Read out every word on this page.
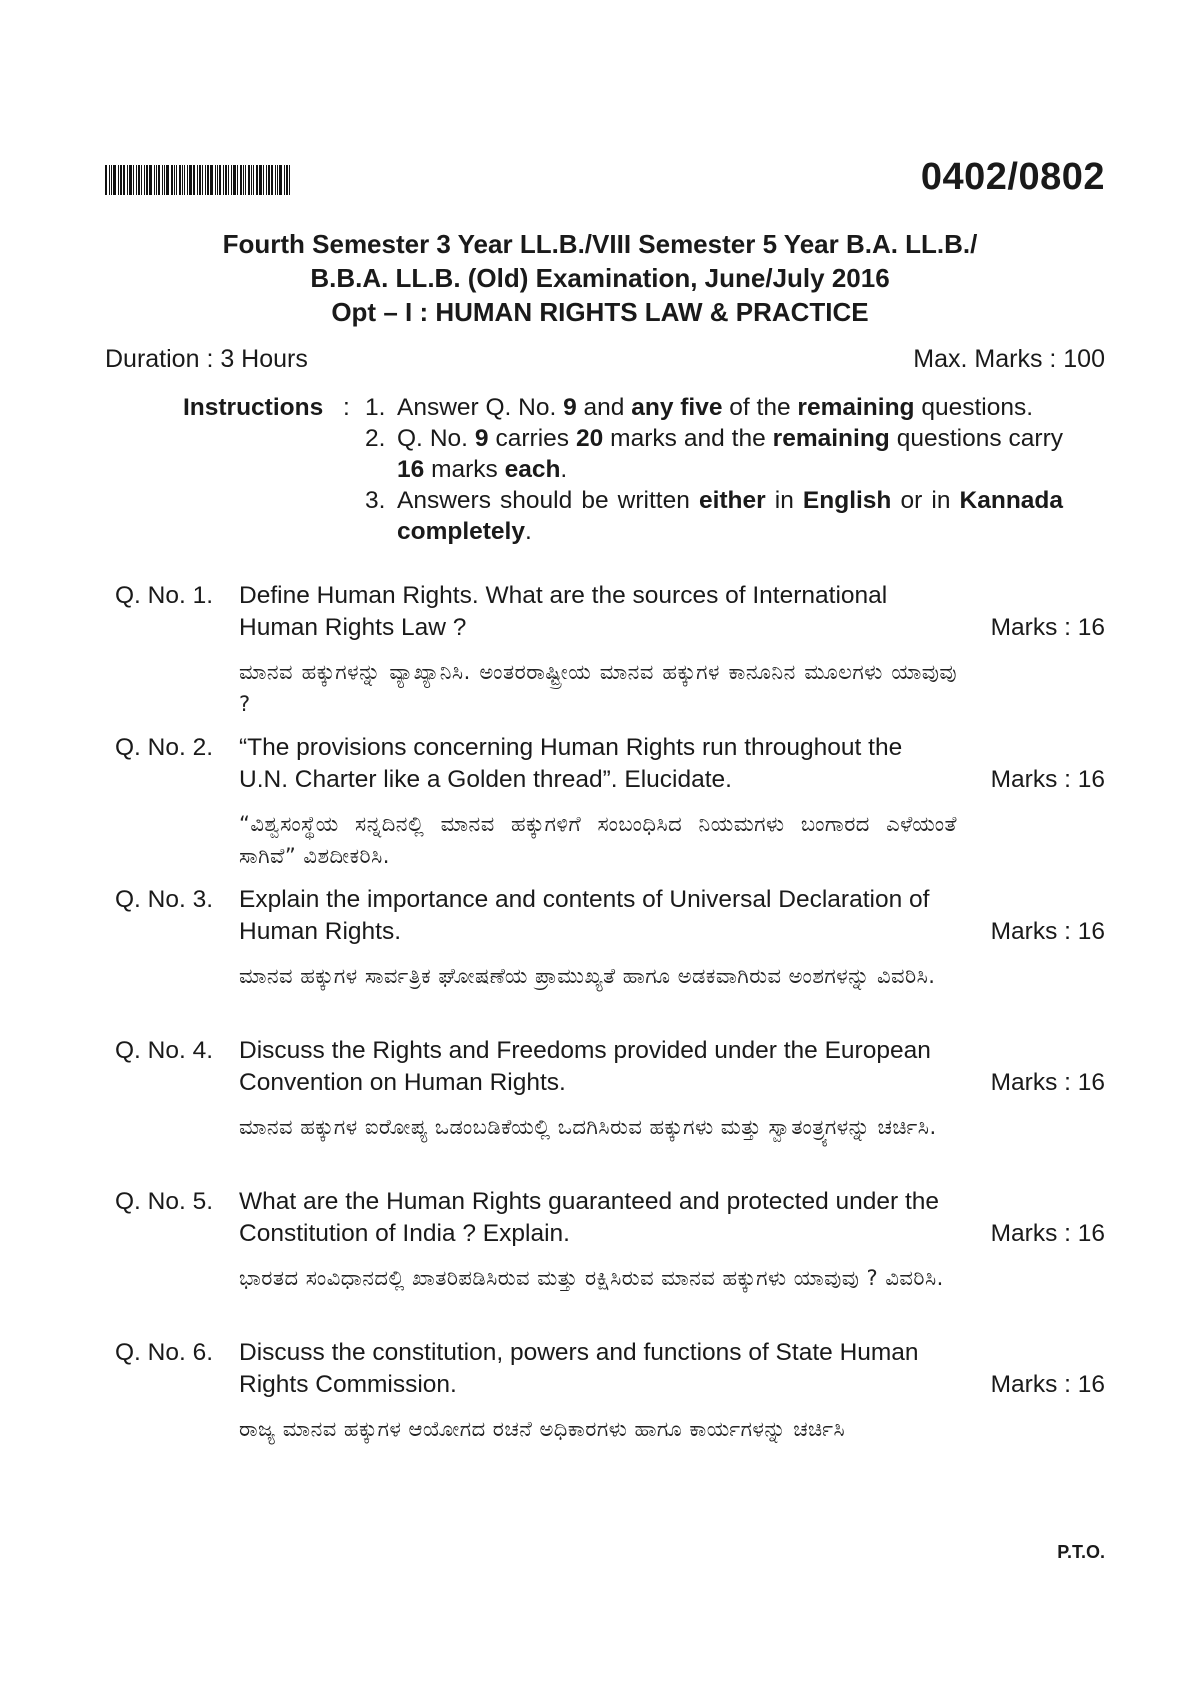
0402/0802
Fourth Semester 3 Year LL.B./VIII Semester 5 Year B.A. LL.B./
B.B.A. LL.B. (Old) Examination, June/July 2016
Opt – I : HUMAN RIGHTS LAW & PRACTICE
Duration : 3 Hours	Max. Marks : 100
Instructions : 1. Answer Q. No. 9 and any five of the remaining questions.
2. Q. No. 9 carries 20 marks and the remaining questions carry 16 marks each.
3. Answers should be written either in English or in Kannada completely.
Q. No. 1. Define Human Rights. What are the sources of International Human Rights Law ?
ಮಾನವ ಹಕ್ಕುಗಳನ್ನು ವ್ಯಾಖ್ಯಾನಿಸಿ. ಅಂತರರಾಷ್ಟ್ರೀಯ ಮಾನವ ಹಕ್ಕುಗಳ ಕಾನೂನಿನ ಮೂಲಗಳು ಯಾವುವು ?
Marks : 16
Q. No. 2. “The provisions concerning Human Rights run throughout the U.N. Charter like a Golden thread”. Elucidate.
“ವಿಶ್ವಸಂಸ್ಥೆಯ ಸನ್ನದಿನಲ್ಲಿ ಮಾನವ ಹಕ್ಕುಗಳಿಗೆ ಸಂಬಂಧಿಸಿದ ನಿಯಮಗಳು ಬಂಗಾರದ ಎಳೆಯಂತೆ ಸಾಗಿವೆ” ವಿಶದೀಕರಿಸಿ.
Marks : 16
Q. No. 3. Explain the importance and contents of Universal Declaration of Human Rights.
ಮಾನವ ಹಕ್ಕುಗಳ ಸಾರ್ವತ್ರಿಕ ಘೋಷಣೆಯ ಪ್ರಾಮುಖ್ಯತೆ ಹಾಗೂ ಅಡಕವಾಗಿರುವ ಅಂಶಗಳನ್ನು ವಿವರಿಸಿ.
Marks : 16
Q. No. 4. Discuss the Rights and Freedoms provided under the European Convention on Human Rights.
ಮಾನವ ಹಕ್ಕುಗಳ ಐರೋಪ್ಯ ಒಡಂಬಡಿಕೆಯಲ್ಲಿ ಒದಗಿಸಿರುವ ಹಕ್ಕುಗಳು ಮತ್ತು ಸ್ವಾತಂತ್ರ್ಯಗಳನ್ನು ಚರ್ಚಿಸಿ.
Marks : 16
Q. No. 5. What are the Human Rights guaranteed and protected under the Constitution of India ? Explain.
ಭಾರತದ ಸಂವಿಧಾನದಲ್ಲಿ ಖಾತರಿಪಡಿಸಿರುವ ಮತ್ತು ರಕ್ಷಿಸಿರುವ ಮಾನವ ಹಕ್ಕುಗಳು ಯಾವುವು ? ವಿವರಿಸಿ.
Marks : 16
Q. No. 6. Discuss the constitution, powers and functions of State Human Rights Commission.
ರಾಜ್ಯ ಮಾನವ ಹಕ್ಕುಗಳ ಆಯೋಗದ ರಚನೆ ಅಧಿಕಾರಗಳು ಹಾಗೂ ಕಾರ್ಯಗಳನ್ನು ಚರ್ಚಿಸಿ
Marks : 16
P.T.O.
